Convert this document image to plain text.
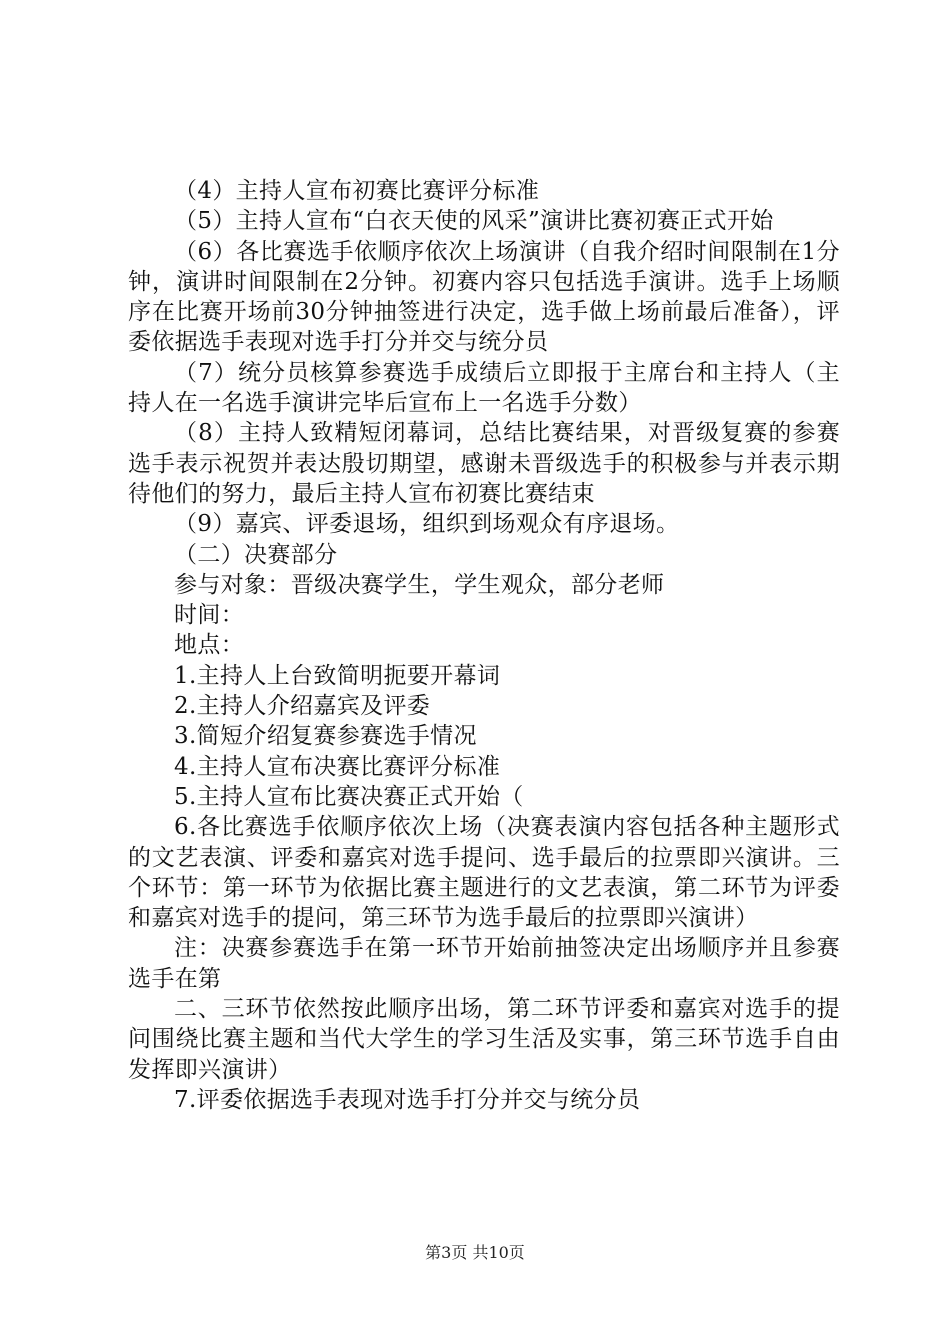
（4）主持人宣布初赛比赛评分标准

（5）主持人宣布“白衣天使的风采”演讲比赛初赛正式开始

（6）各比赛选手依顺序依次上场演讲（自我介绍时间限制在1分钟，演讲时间限制在2分钟。初赛内容只包括选手演讲。选手上场顺序在比赛开场前30分钟抽签进行决定，选手做上场前最后准备），评委依据选手表现对选手打分并交与统分员

（7）统分员核算参赛选手成绩后立即报于主席台和主持人（主持人在一名选手演讲完毕后宣布上一名选手分数）

（8）主持人致精短闭幕词，总结比赛结果，对晋级复赛的参赛选手表示祝贺并表达殷切期望，感谢未晋级选手的积极参与并表示期待他们的努力，最后主持人宣布初赛比赛结束

（9）嘉宾、评委退场，组织到场观众有序退场。

（二）决赛部分

参与对象：晋级决赛学生，学生观众，部分老师

时间：

地点：

1.主持人上台致简明扼要开幕词

2.主持人介绍嘉宾及评委

3.简短介绍复赛参赛选手情况

4.主持人宣布决赛比赛评分标准

5.主持人宣布比赛决赛正式开始（

6.各比赛选手依顺序依次上场（决赛表演内容包括各种主题形式的文艺表演、评委和嘉宾对选手提问、选手最后的拉票即兴演讲。三个环节：第一环节为依据比赛主题进行的文艺表演，第二环节为评委和嘉宾对选手的提问，第三环节为选手最后的拉票即兴演讲）

注：决赛参赛选手在第一环节开始前抽签决定出场顺序并且参赛选手在第

二、三环节依然按此顺序出场，第二环节评委和嘉宾对选手的提问围绕比赛主题和当代大学生的学习生活及实事，第三环节选手自由发挥即兴演讲）

7.评委依据选手表现对选手打分并交与统分员

第3页 共10页
